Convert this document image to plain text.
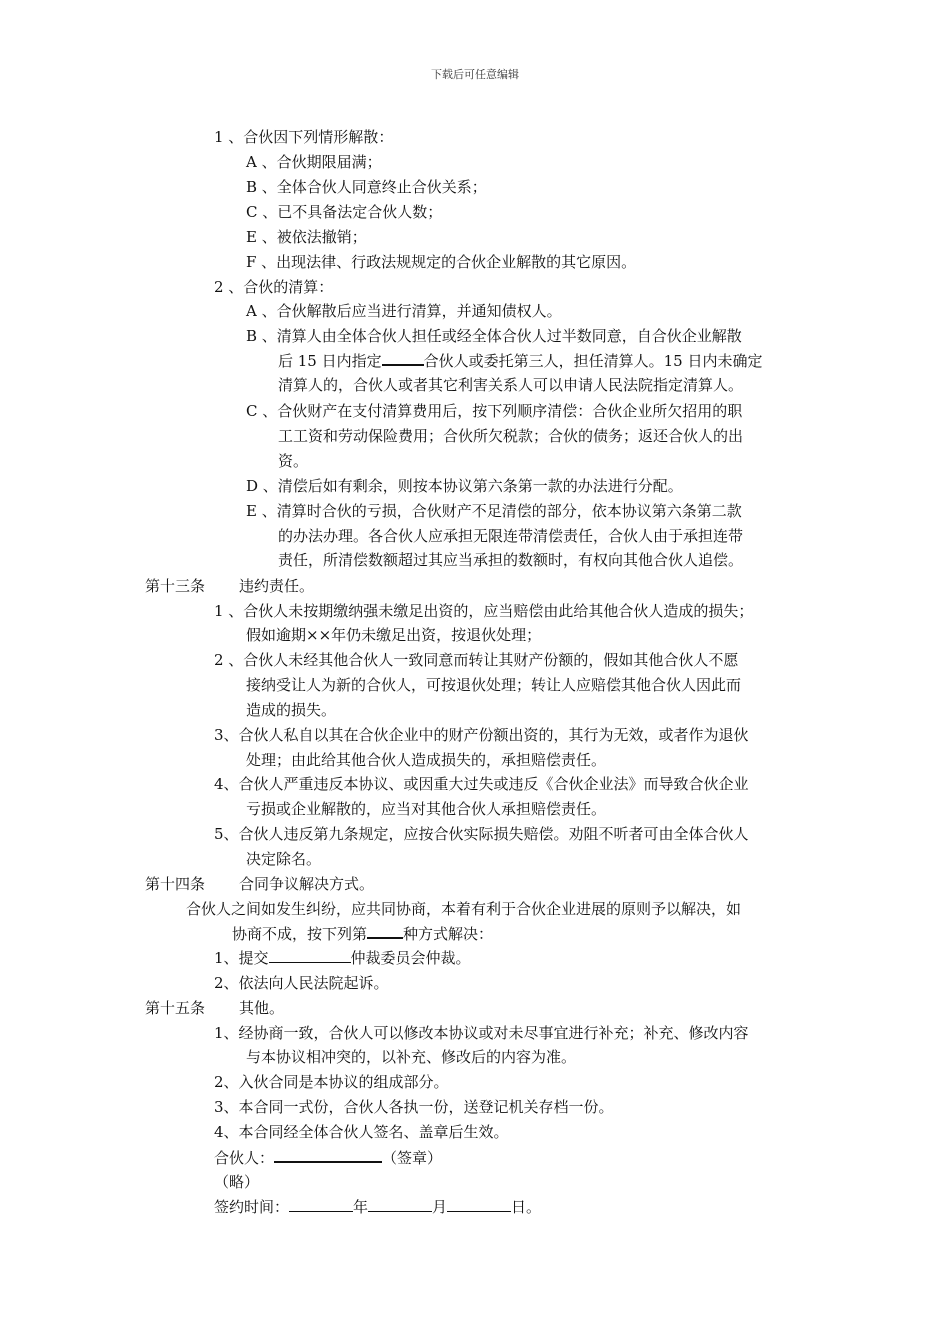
下载后可任意编辑
1 、合伙因下列情形解散：
A 、合伙期限届满；
B 、全体合伙人同意终止合伙关系；
C 、已不具备法定合伙人数；
E 、被依法撤销；
F 、出现法律、行政法规规定的合伙企业解散的其它原因。
2 、合伙的清算：
A 、合伙解散后应当进行清算，并通知债权人。
B 、清算人由全体合伙人担任或经全体合伙人过半数同意，自合伙企业解散
后 15 日内指定	合伙人或委托第三人，担任清算人。15 日内未确定
清算人的，合伙人或者其它利害关系人可以申请人民法院指定清算人。
C 、合伙财产在支付清算费用后，按下列顺序清偿：合伙企业所欠招用的职
工工资和劳动保险费用；合伙所欠税款；合伙的债务；返还合伙人的出
资。
D 、清偿后如有剩余，则按本协议第六条第一款的办法进行分配。
E 、清算时合伙的亏损，合伙财产不足清偿的部分，依本协议第六条第二款
的办法办理。各合伙人应承担无限连带清偿责任，合伙人由于承担连带
责任，所清偿数额超过其应当承担的数额时，有权向其他合伙人追偿。
第十三条 违约责任。
1 、合伙人未按期缴纳强未缴足出资的，应当赔偿由此给其他合伙人造成的损失；
假如逾期××年仍未缴足出资，按退伙处理；
2 、合伙人未经其他合伙人一致同意而转让其财产份额的，假如其他合伙人不愿
接纳受让人为新的合伙人，可按退伙处理；转让人应赔偿其他合伙人因此而
造成的损失。
3、合伙人私自以其在合伙企业中的财产份额出资的，其行为无效，或者作为退伙
处理；由此给其他合伙人造成损失的，承担赔偿责任。
4、合伙人严重违反本协议、或因重大过失或违反《合伙企业法》而导致合伙企业
亏损或企业解散的，应当对其他合伙人承担赔偿责任。
5、合伙人违反第九条规定，应按合伙实际损失赔偿。劝阻不听者可由全体合伙人
决定除名。
第十四条 合同争议解决方式。
合伙人之间如发生纠纷，应共同协商，本着有利于合伙企业进展的原则予以解决，如
协商不成，按下列第 种方式解决：
1、提交	仲裁委员会仲裁。
2、依法向人民法院起诉。
第十五条 其他。
1、经协商一致，合伙人可以修改本协议或对未尽事宜进行补充；补充、修改内容
与本协议相冲突的，以补充、修改后的内容为准。
2、入伙合同是本协议的组成部分。
3、本合同一式份，合伙人各执一份，送登记机关存档一份。
4、本合同经全体合伙人签名、盖章后生效。
合伙人：	（签章）
（略）
签约时间：	年	月	日。
